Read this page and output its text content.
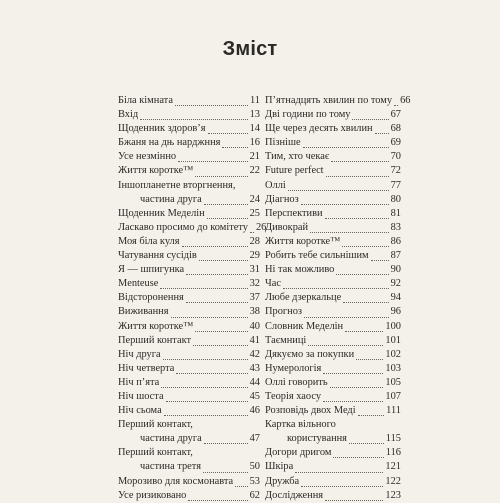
Зміст
Біла кімната	11
Вхід	13
Щоденник здоров’я	14
Бжаня на дњ нарджння	16
Усе незмінно	21
Життя коротке™	22
Іншопланетне вторгнення,
частина друга	24
Щоденник Меделін	25
Ласкаво просимо до комітету 26
Моя біла куля	28
Чатування сусідів	29
Я — шпигунка	31
Menteuse	32
Відсторонення	37
Виживання	38
Життя коротке™	40
Перший контакт	41
Ніч друга	42
Ніч четверта	43
Ніч п’ята	44
Ніч шоста	45
Ніч сьома	46
Перший контакт,
частина друга	47
Перший контакт,
частина третя	50
Морозиво для космонавта 53
Усе ризиковано	62
П’ятнадцять хвилин по тому 66
Дві години по тому	67
Ще через десять хвилин 68
Пізніше	69
Тим, хто чекає	70
Future perfect	72
Оллі	77
Діагноз	80
Перспективи	81
Дивокрай	83
Життя коротке™	86
Робить тебе сильнішим 87
Ні так можливо	90
Час	92
Любе дзеркальце	94
Прогноз	96
Словник Меделін	100
Таємниці	101
Дякуємо за покупки	102
Нумерологія	103
Оллі говорить	105
Теорія хаосу	107
Розповідь двох Меді	111
Картка вільного
користування	115
Догори дригом	116
Шкіра	121
Дружба	122
Дослідження	123
